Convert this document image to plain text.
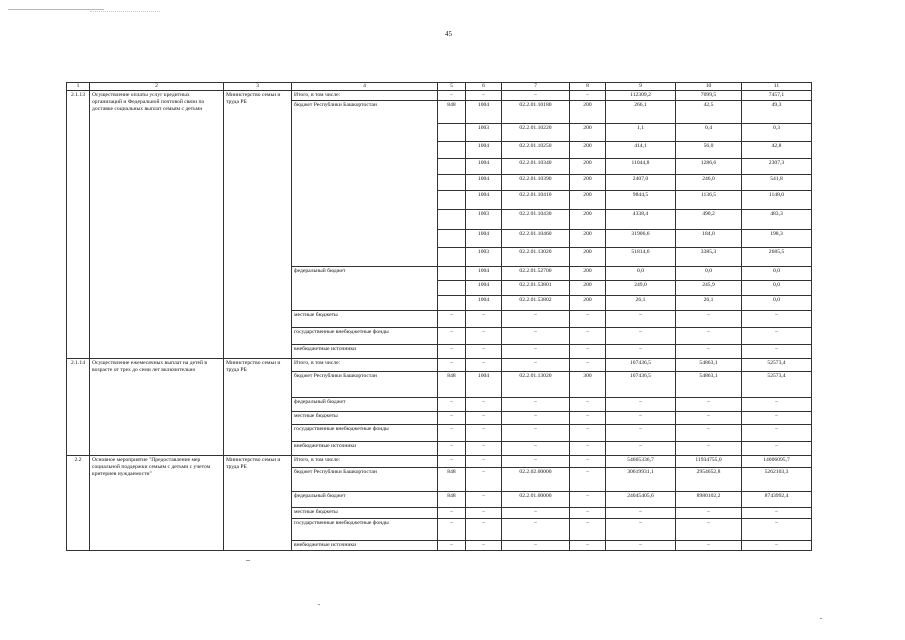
45
1	2	3	4	5	6	7	8	9	10	11
2.1.13	Осуществление оплаты услуг кредитных организаций и Федеральной почтовой связи по доставке социальных выплат семьям с детьми	Министерство семьи и труда РБ	Итого, в том числе:	–	–	–	–	112309,2	7099,5	7457,1
			бюджет Республики Башкортостан	848	1004	02.2.01.10180	200	266,1	42,5	49,3
					1003	02.2.01.10220	200	1,1	0,4	0,3
					1004	02.2.01.10250	200	414,1	56,0	42,8
					1004	02.2.01.10340	200	11044,8	1286,6	2307,3
					1004	02.2.01.10390	200	2407,0	246,0	541,8
					1004	02.2.01.10410	200	9844,5	1136,5	1148,0
					1003	02.2.01.10430	200	4338,4	490,2	483,3
					1004	02.2.01.10460	200	31906,6	184,0	198,3
					1003	02.2.01.13020	200	51814,6	3385,3	2685,5
			федеральный бюджет		1004	02.2.01.52700	200	0,0	0,0	0,0
					1004	02.2.01.53801	200	249,0	245,9	0,0
					1004	02.2.01.53802	200	26,1	26,1	0,0
			местные бюджеты	–	–	–	–	–	–	–
			государственные внебюджетные фонды	–	–	–	–	–	–	–
			внебюджетные источники	–	–	–	–	–	–	–
2.1.14	Осуществление ежемесячных выплат на детей в возрасте от трех до семи лет включительно	Министерство семьи и труда РБ	Итого, в том числе:	–	–	–	–	107436,5	54863,1	52573,4
			бюджет Республики Башкортостан	848	1004	02.2.01.13020	300	107436,5	54863,1	52573,4
			федеральный бюджет	–	–	–	–	–	–	–
			местные бюджеты	–	–	–	–	–	–	–
			государственные внебюджетные фонды	–	–	–	–	–	–	–
			внебюджетные источники	–	–	–	–	–	–	–
2.2	Основное мероприятие "Предоставление мер социальной поддержки семьям с детьми с учетом критериев нуждаемости"	Министерство семьи и труда РБ	Итого, в том числе:	–	–	–	–	54665336,7	11934755,0	14006095,7
			бюджет Республики Башкортостан	848	–	02.2.02.00000	–	30619931,1	2954652,8	5262103,3
			федеральный бюджет	848	–	02.2.01.00000	–	24045405,6	8980102,2	8743992,4
			местные бюджеты	–	–	–	–	–	–	–
			государственные внебюджетные фонды	–	–	–	–	–	–	–
			внебюджетные источники	–	–	–	–	–	–	–
